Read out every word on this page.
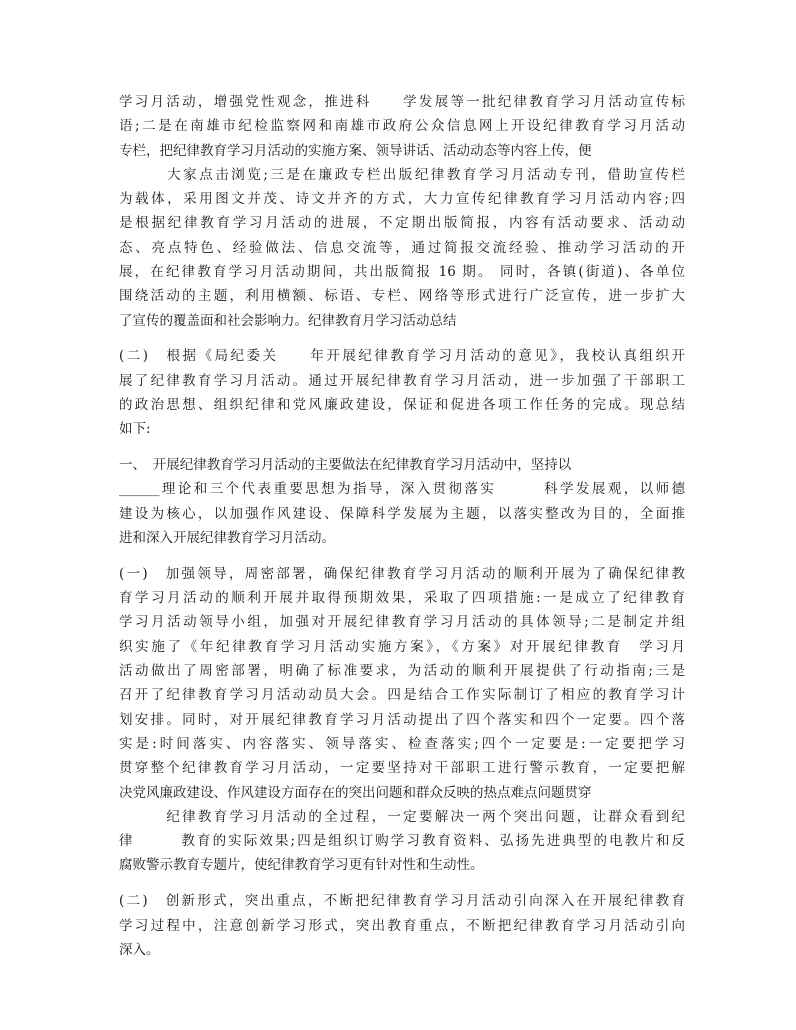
学习月活动，增强党性观念，推进科　　学发展等一批纪律教育学习月活动宣传标
语;二是在南雄市纪检监察网和南雄市政府公众信息网上开设纪律教育学习月活动
专栏，把纪律教育学习月活动的实施方案、领导讲话、活动动态等内容上传，便
　　　大家点击浏览;三是在廉政专栏出版纪律教育学习月活动专刊，借助宣传栏
为载体，采用图文并茂、诗文并齐的方式，大力宣传纪律教育学习月活动内容;四
是根据纪律教育学习月活动的进展，不定期出版简报，内容有活动要求、活动动
态、亮点特色、经验做法、信息交流等，通过简报交流经验、推动学习活动的开
展，在纪律教育学习月活动期间，共出版简报 16 期。 同时，各镇(街道)、各单位
围绕活动的主题，利用横额、标语、专栏、网络等形式进行广泛宣传，进一步扩大
了宣传的覆盖面和社会影响力。纪律教育月学习活动总结
(二)　根据《局纪委关　　年开展纪律教育学习月活动的意见》，我校认真组织开
展了纪律教育学习月活动。通过开展纪律教育学习月活动，进一步加强了干部职工
的政治思想、组织纪律和党风廉政建设，保证和促进各项工作任务的完成。现总结
如下:
一、　开展纪律教育学习月活动的主要做法在纪律教育学习月活动中，坚持以
______理论和三个代表重要思想为指导，深入贯彻落实　　　科学发展观，以师德
建设为核心，以加强作风建设、保障科学发展为主题，以落实整改为目的，全面推
进和深入开展纪律教育学习月活动。
(一)　加强领导，周密部署，确保纪律教育学习月活动的顺利开展为了确保纪律教
育学习月活动的顺利开展并取得预期效果，采取了四项措施:一是成立了纪律教育
学习月活动领导小组，加强对开展纪律教育学习月活动的具体领导;二是制定并组
织实施了《年纪律教育学习月活动实施方案》，《方案》对开展纪律教育　学习月
活动做出了周密部署，明确了标准要求，为活动的顺利开展提供了行动指南;三是
召开了纪律教育学习月活动动员大会。四是结合工作实际制订了相应的教育学习计
划安排。同时，对开展纪律教育学习月活动提出了四个落实和四个一定要。四个落
实是:时间落实、内容落实、领导落实、检查落实;四个一定要是:一定要把学习
贯穿整个纪律教育学习月活动，一定要坚持对干部职工进行警示教育，一定要把解
决党风廉政建设、作风建设方面存在的突出问题和群众反映的热点难点问题贯穿
　　　纪律教育学习月活动的全过程，一定要解决一两个突出问题，让群众看到纪
律　　　教育的实际效果;四是组织订购学习教育资料、弘扬先进典型的电教片和反
腐败警示教育专题片，使纪律教育学习更有针对性和生动性。
(二)　创新形式，突出重点，不断把纪律教育学习月活动引向深入在开展纪律教育
学习过程中，注意创新学习形式，突出教育重点，不断把纪律教育学习月活动引向
深入。
